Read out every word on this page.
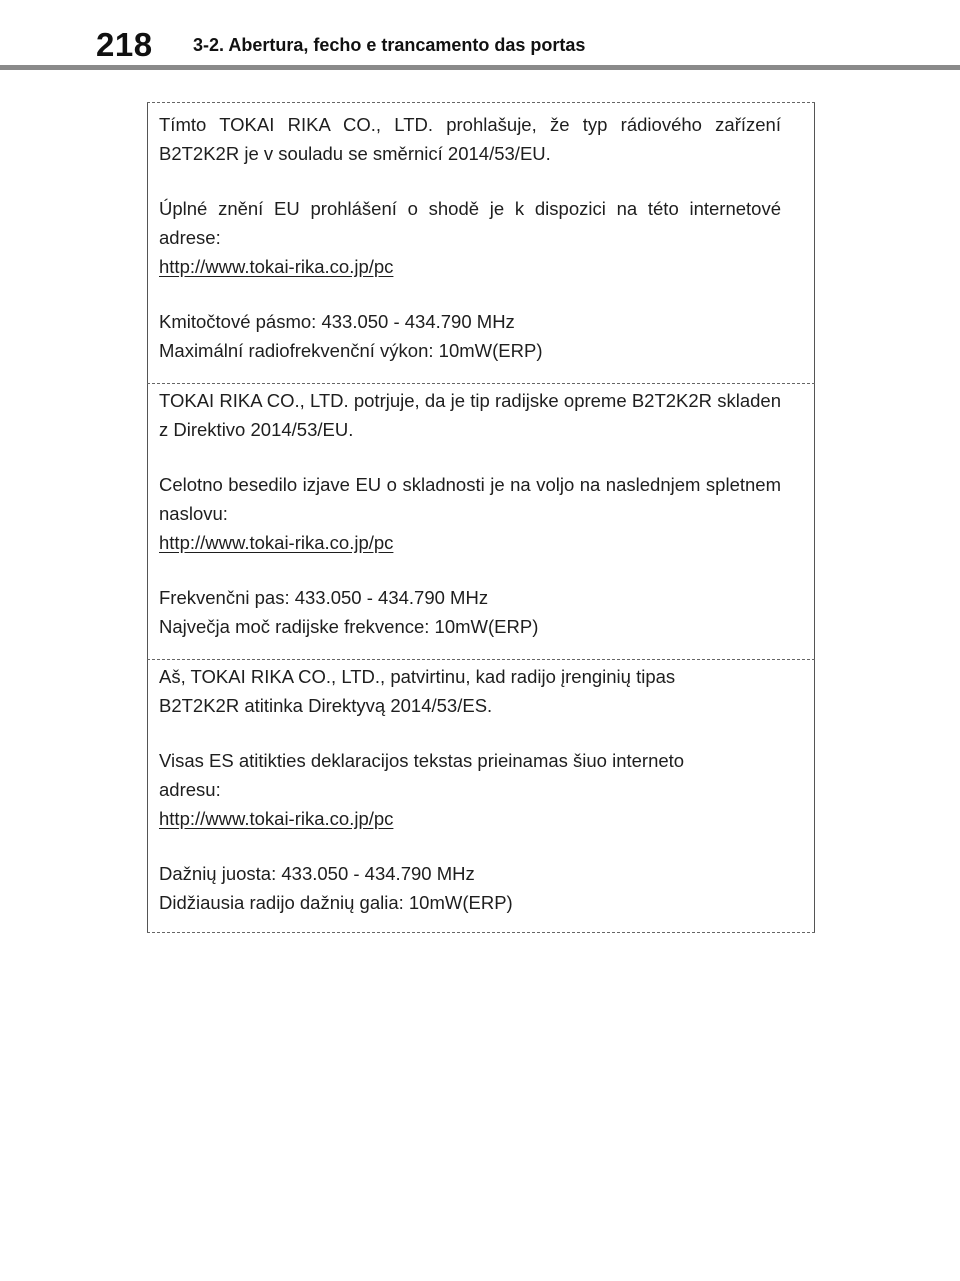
218 3-2. Abertura, fecho e trancamento das portas

Tímto TOKAI RIKA CO., LTD. prohlašuje, že typ rádiového zařízení B2T2K2R je v souladu se směrnicí 2014/53/EU.

Úplné znění EU prohlášení o shodě je k dispozici na této internetové adrese:

http://www.tokai-rika.co.jp/pc

Kmitočtové pásmo: 433.050 - 434.790 MHz

Maximální radiofrekvenční výkon: 10mW(ERP)

TOKAI RIKA CO., LTD. potrjuje, da je tip radijske opreme B2T2K2R skladen z Direktivo 2014/53/EU.

Celotno besedilo izjave EU o skladnosti je na voljo na naslednjem spletnem naslovu:

http://www.tokai-rika.co.jp/pc

Frekvenčni pas: 433.050 - 434.790 MHz

Največja moč radijske frekvence: 10mW(ERP)

Aš, TOKAI RIKA CO., LTD., patvirtinu, kad radijo įrenginių tipas B2T2K2R atitinka Direktyvą 2014/53/ES.

Visas ES atitikties deklaracijos tekstas prieinamas šiuo interneto adresu:

http://www.tokai-rika.co.jp/pc

Dažnių juosta: 433.050 - 434.790 MHz

Didžiausia radijo dažnių galia: 10mW(ERP)
